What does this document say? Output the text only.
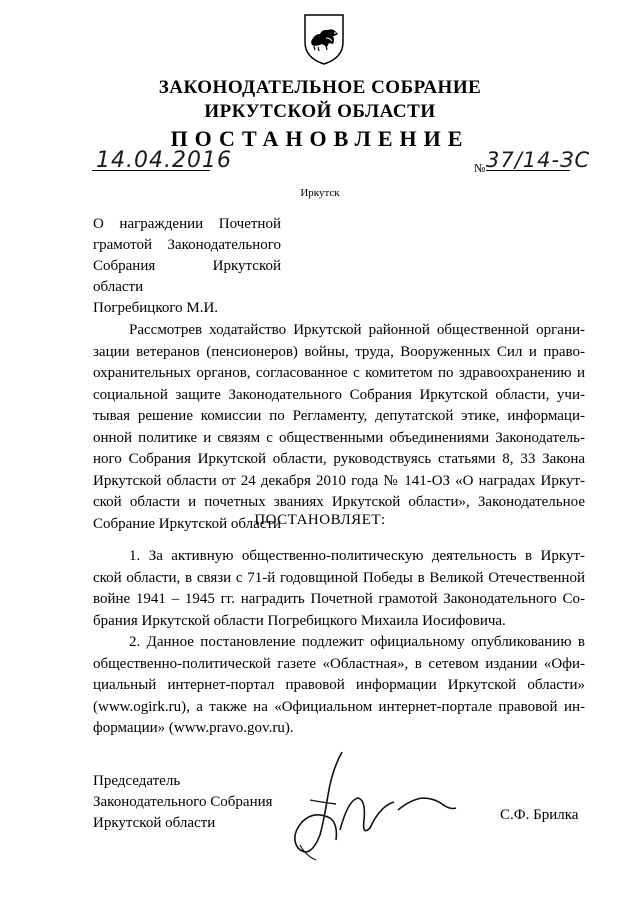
ЗАКОНОДАТЕЛЬНОЕ СОБРАНИЕ
ИРКУТСКОЙ ОБЛАСТИ
ПОСТАНОВЛЕНИЕ
14.04.2016	№ 37/14-ЗС
Иркутск
О награждении Почетной
грамотой Законодательного
Собрания Иркутской области
Погребицкого М.И.
Рассмотрев ходатайство Иркутской районной общественной органи-
зации ветеранов (пенсионеров) войны, труда, Вооруженных Сил и право-
охранительных органов, согласованное с комитетом по здравоохранению и
социальной защите Законодательного Собрания Иркутской области, учи-
тывая решение комиссии по Регламенту, депутатской этике, информаци-
онной политике и связям с общественными объединениями Законодатель-
ного Собрания Иркутской области, руководствуясь статьями 8, 33 Закона
Иркутской области от 24 декабря 2010 года № 141-ОЗ «О наградах Иркут-
ской области и почетных званиях Иркутской области», Законодательное
Собрание Иркутской области
ПОСТАНОВЛЯЕТ:
1. За активную общественно-политическую деятельность в Иркут-
ской области, в связи с 71-й годовщиной Победы в Великой Отечественной
войне 1941 – 1945 гг. наградить Почетной грамотой Законодательного Со-
брания Иркутской области Погребицкого Михаила Иосифовича.
2. Данное постановление подлежит официальному опубликованию в
общественно-политической газете «Областная», в сетевом издании «Офи-
циальный интернет-портал правовой информации Иркутской области»
(www.ogirk.ru), а также на «Официальном интернет-портале правовой ин-
формации» (www.pravo.gov.ru).
Председатель
Законодательного Собрания
Иркутской области	С.Ф. Брилка
